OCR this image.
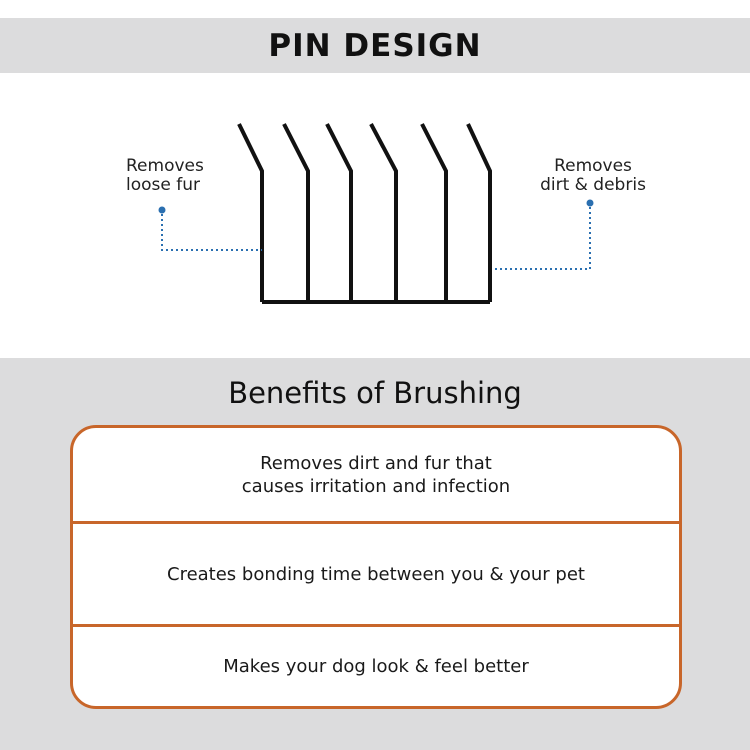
PIN DESIGN
Removes
loose fur
Removes
dirt & debris
Benefits of Brushing
Removes dirt and fur that
causes irritation and infection
Creates bonding time between you & your pet
Makes your dog look & feel better
